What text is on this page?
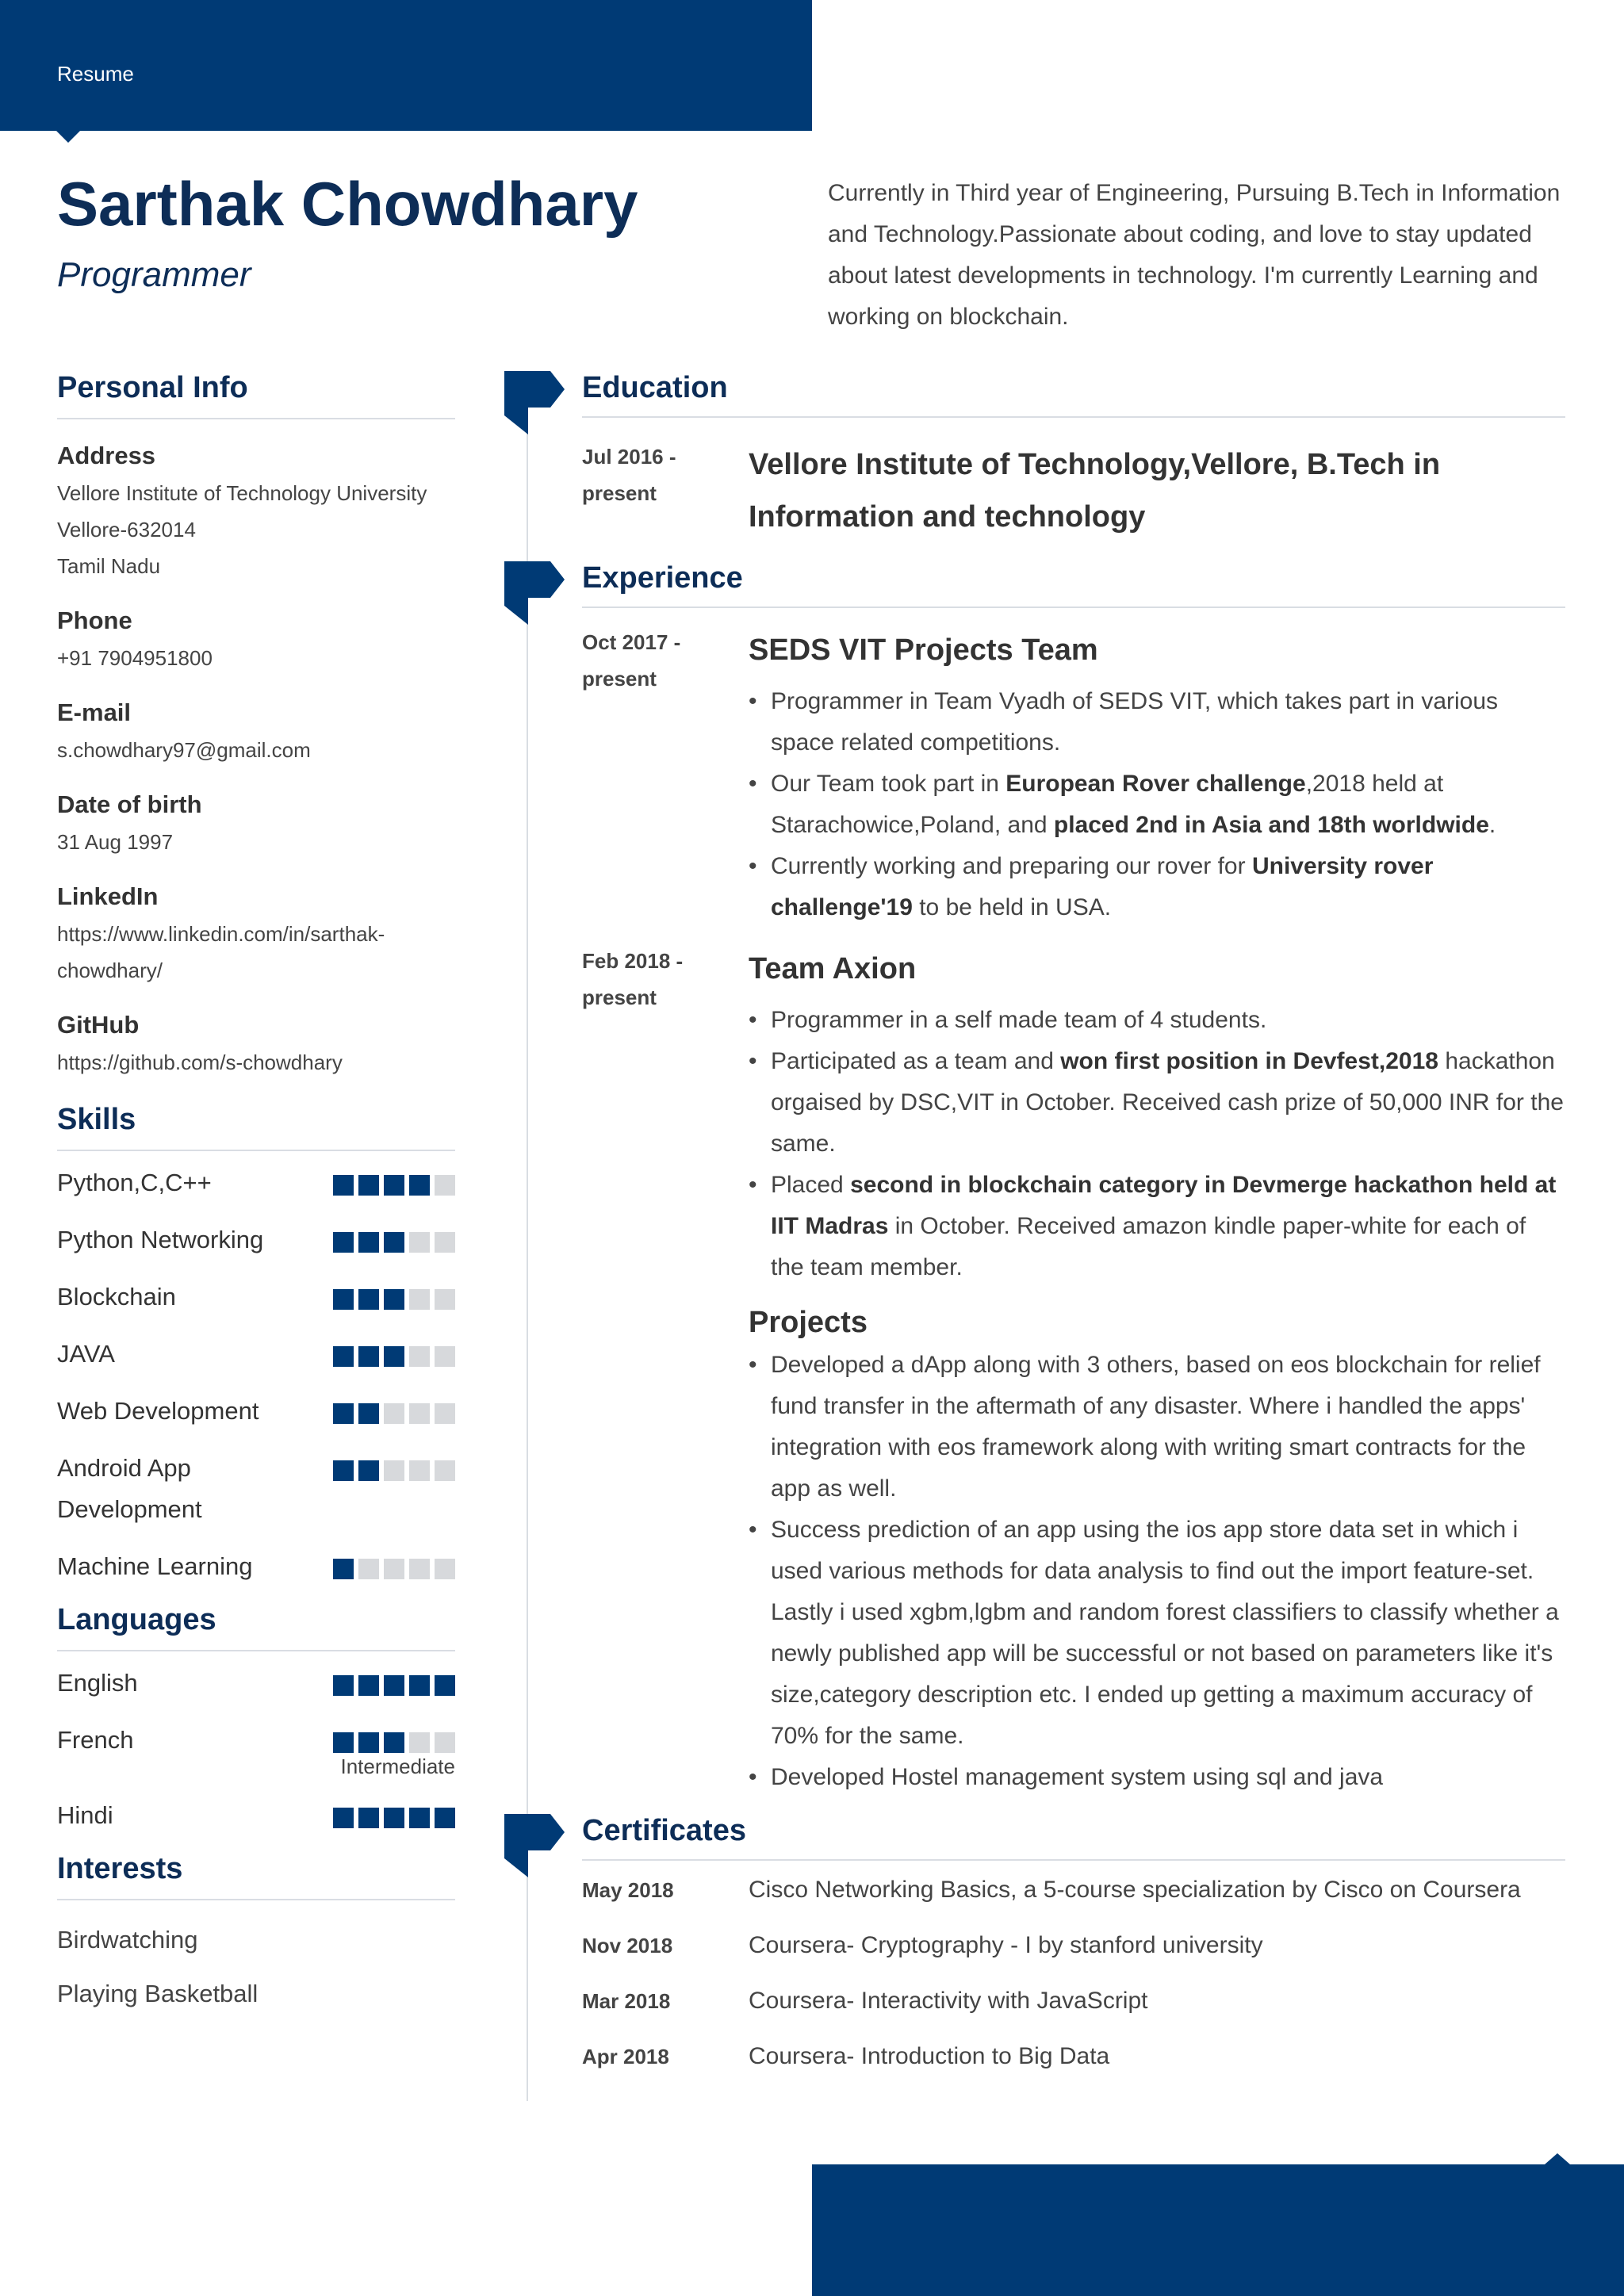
Resume
Sarthak Chowdhary
Programmer
Currently in Third year of Engineering, Pursuing B.Tech in Information and Technology.Passionate about coding, and love to stay updated about latest developments in technology. I'm currently Learning and working on blockchain.
Personal Info
Address
Vellore Institute of Technology University
Vellore-632014
Tamil Nadu
Phone
+91 7904951800
E-mail
s.chowdhary97@gmail.com
Date of birth
31 Aug 1997
LinkedIn
https://www.linkedin.com/in/sarthak-
chowdhary/
GitHub
https://github.com/s-chowdhary
Skills
Python,C,C++
Python Networking
Blockchain
JAVA
Web Development
Android App Development
Machine Learning
Languages
English
French
Intermediate
Hindi
Interests
Birdwatching
Playing Basketball
Education
Jul 2016 -
present
Vellore Institute of Technology,Vellore, B.Tech in Information and technology
Experience
Oct 2017 -
present
SEDS VIT Projects Team
• Programmer in Team Vyadh of SEDS VIT, which takes part in various space related competitions.
• Our Team took part in European Rover challenge,2018 held at Starachowice,Poland, and placed 2nd in Asia and 18th worldwide.
• Currently working and preparing our rover for University rover challenge'19 to be held in USA.
Feb 2018 -
present
Team Axion
• Programmer in a self made team of 4 students.
• Participated as a team and won first position in Devfest,2018 hackathon orgaised by DSC,VIT in October. Received cash prize of 50,000 INR for the same.
• Placed second in blockchain category in Devmerge hackathon held at IIT Madras in October. Received amazon kindle paper-white for each of the team member.
Projects
• Developed a dApp along with 3 others, based on eos blockchain for relief fund transfer in the aftermath of any disaster. Where i handled the apps' integration with eos framework along with writing smart contracts for the app as well.
• Success prediction of an app using the ios app store data set in which i used various methods for data analysis to find out the import feature-set. Lastly i used xgbm,lgbm and random forest classifiers to classify whether a newly published app will be successful or not based on parameters like it's size,category description etc. I ended up getting a maximum accuracy of 70% for the same.
• Developed Hostel management system using sql and java
Certificates
May 2018	Cisco Networking Basics, a 5-course specialization by Cisco on Coursera
Nov 2018	Coursera- Cryptography - I by stanford university
Mar 2018	Coursera- Interactivity with JavaScript
Apr 2018	Coursera- Introduction to Big Data
